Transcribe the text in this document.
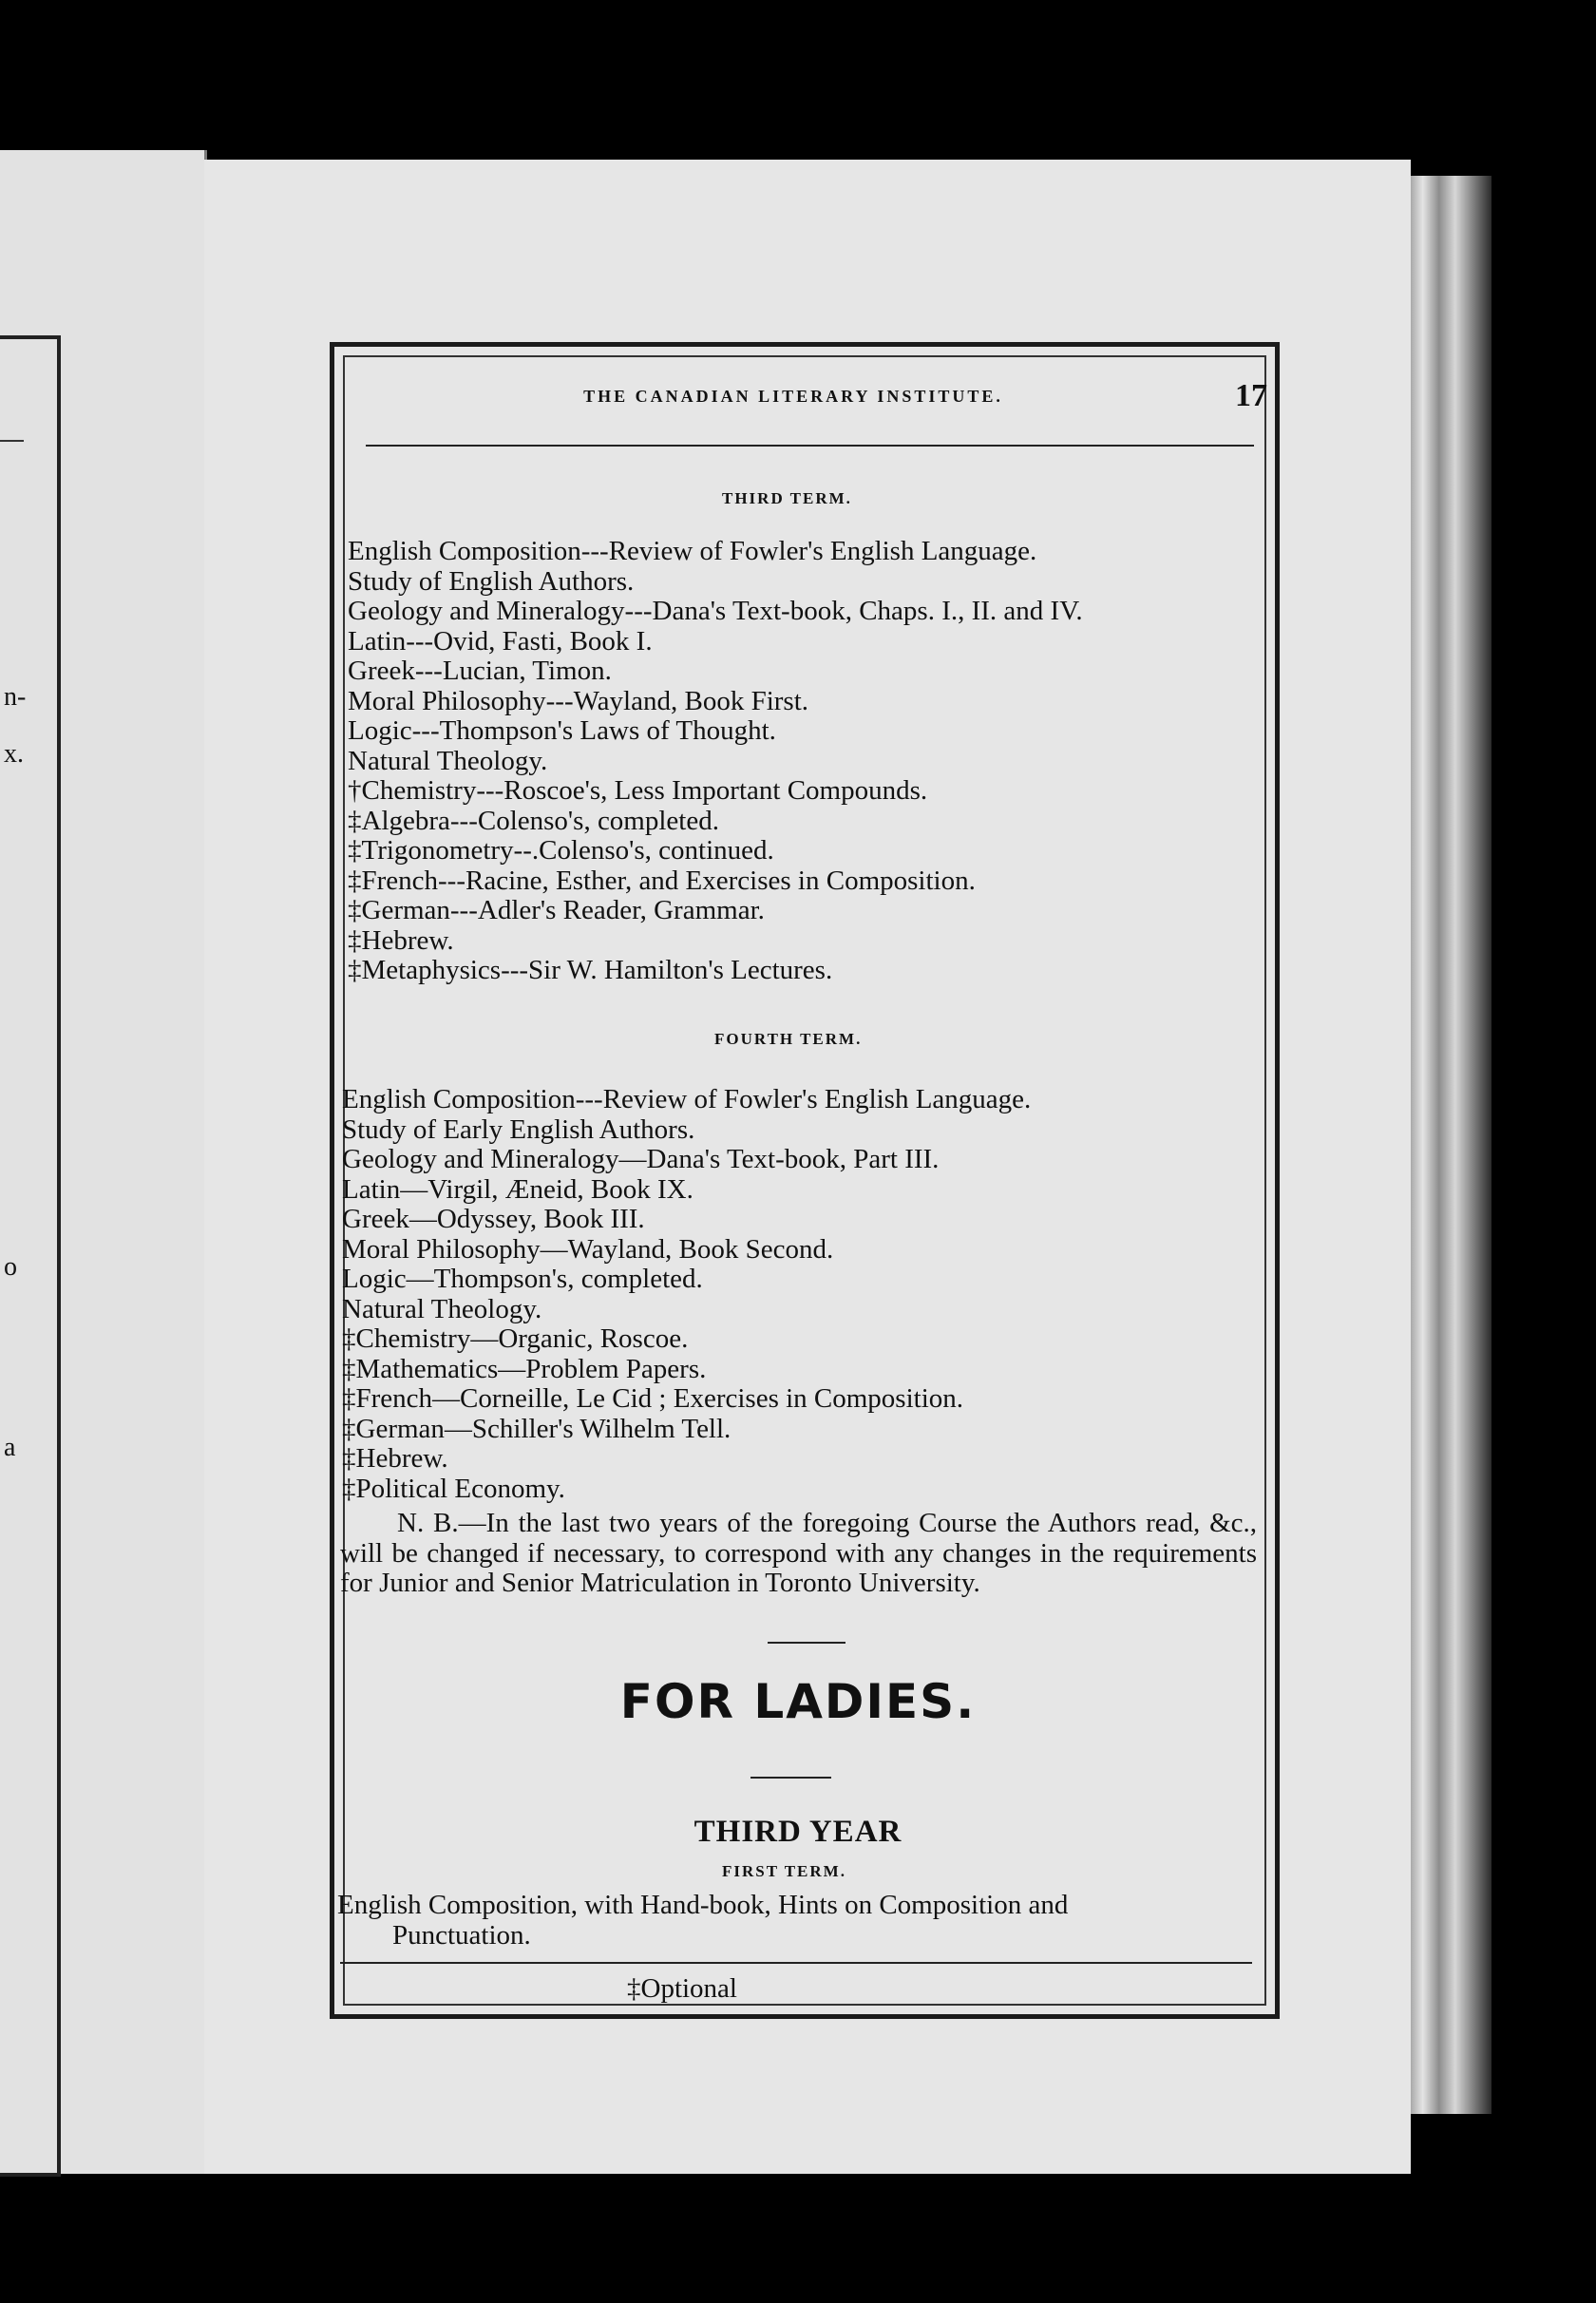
n-
x.
o
a
THE CANADIAN LITERARY INSTITUTE.	17
THIRD TERM.
English Composition---Review of Fowler's English Language.
Study of English Authors.
Geology and Mineralogy---Dana's Text-book, Chaps. I., II. and IV.
Latin---Ovid, Fasti, Book I.
Greek---Lucian, Timon.
Moral Philosophy---Wayland, Book First.
Logic---Thompson's Laws of Thought.
Natural Theology.
†Chemistry---Roscoe's, Less Important Compounds.
‡Algebra---Colenso's, completed.
‡Trigonometry--.Colenso's, continued.
‡French---Racine, Esther, and Exercises in Composition.
‡German---Adler's Reader, Grammar.
‡Hebrew.
‡Metaphysics---Sir W. Hamilton's Lectures.
FOURTH TERM.
English Composition---Review of Fowler's English Language.
Study of Early English Authors.
Geology and Mineralogy—Dana's Text-book, Part III.
Latin—Virgil, Æneid, Book IX.
Greek—Odyssey, Book III.
Moral Philosophy—Wayland, Book Second.
Logic—Thompson's, completed.
Natural Theology.
‡Chemistry—Organic, Roscoe.
‡Mathematics—Problem Papers.
‡French—Corneille, Le Cid ; Exercises in Composition.
‡German—Schiller's Wilhelm Tell.
‡Hebrew.
‡Political Economy.

N. B.—In the last two years of the foregoing Course the Authors read, &c., will be changed if necessary, to correspond with any changes in the requirements for Junior and Senior Matriculation in Toronto University.

FOR LADIES.
THIRD YEAR
FIRST TERM.
English Composition, with Hand-book, Hints on Composition and
Punctuation.
‡Optional
